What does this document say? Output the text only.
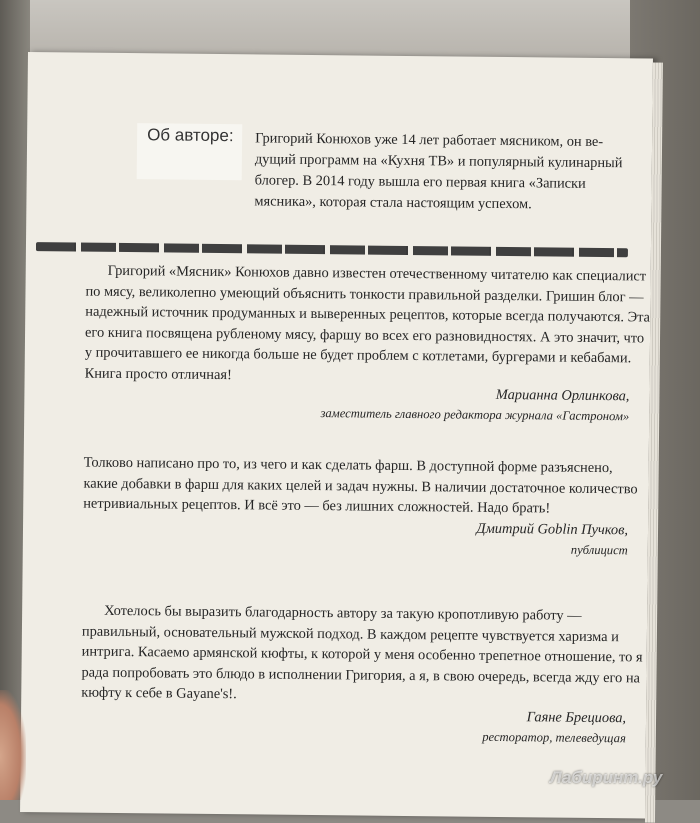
Об авторе:	Григорий Конюхов уже 14 лет работает мясником, он ве-
дущий программ на «Кухня ТВ» и популярный кулинарный
блогер. В 2014 году вышла его первая книга «Записки
мясника», которая стала настоящим успехом.
Григорий «Мясник» Конюхов давно известен отечественному читателю как специалист
по мясу, великолепно умеющий объяснить тонкости правильной разделки. Гришин блог —
надежный источник продуманных и выверенных рецептов, которые всегда получаются. Эта
его книга посвящена рубленому мясу, фаршу во всех его разновидностях. А это значит, что
у прочитавшего ее никогда больше не будет проблем с котлетами, бургерами и кебабами.
Книга просто отличная!
Марианна Орлинкова,
заместитель главного редактора журнала «Гастроном»
Толково написано про то, из чего и как сделать фарш. В доступной форме разъяснено,
какие добавки в фарш для каких целей и задач нужны. В наличии достаточное количество
нетривиальных рецептов. И всё это — без лишних сложностей. Надо брать!
Дмитрий Goblin Пучков,
публицист
Хотелось бы выразить благодарность автору за такую кропотливую работу —
правильный, основательный мужской подход. В каждом рецепте чувствуется харизма и
интрига. Касаемо армянской кюфты, к которой у меня особенно трепетное отношение, то я
рада попробовать это блюдо в исполнении Григория, а я, в свою очередь, всегда жду его на
кюфту к себе в Gayane's!.
Гаяне Брециова,
ресторатор, телеведущая
Лабиринт.ру
